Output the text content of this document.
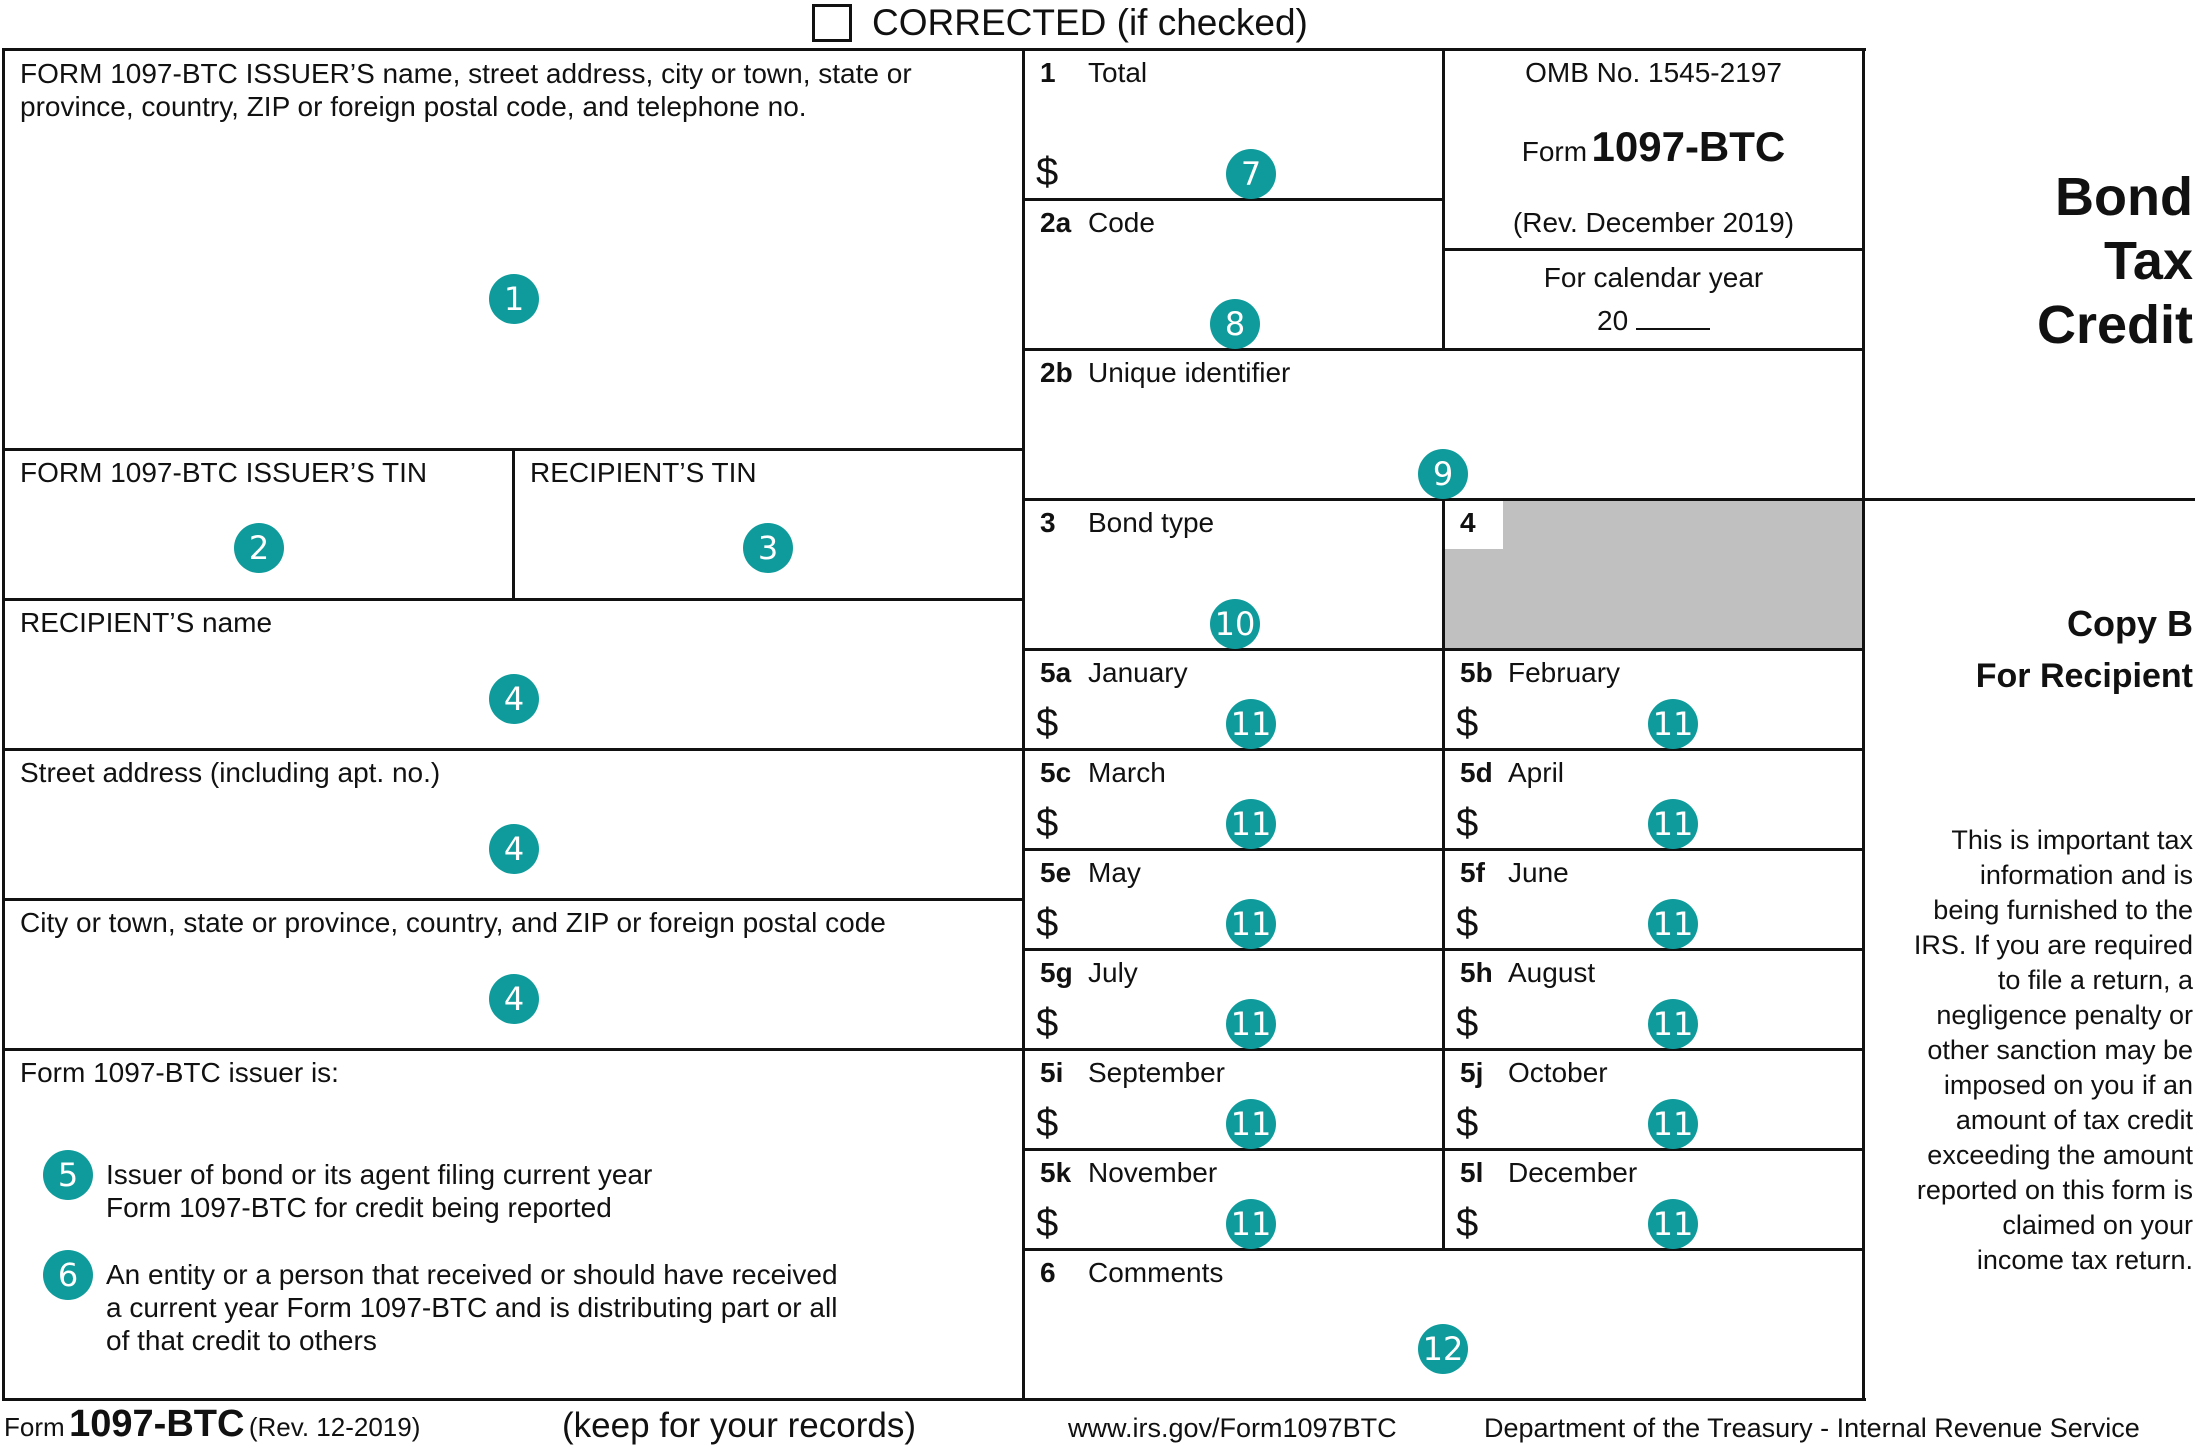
CORRECTED (if checked)
FORM 1097-BTC ISSUER’S name, street address, city or town, state or
province, country, ZIP or foreign postal code, and telephone no.
1
FORM 1097-BTC ISSUER’S TIN
2
RECIPIENT’S TIN
3
RECIPIENT’S name
4
Street address (including apt. no.)
4
City or town, state or province, country, and ZIP or foreign postal code
4
Form 1097-BTC issuer is:
5 Issuer of bond or its agent filing current year
Form 1097-BTC for credit being reported
6 An entity or a person that received or should have received
a current year Form 1097-BTC and is distributing part or all
of that credit to others
1 Total
$	7
2a Code
8
OMB No. 1545-2197
Form 1097-BTC
(Rev. December 2019)
For calendar year
20
2b Unique identifier
9
3 Bond type
10
4
5a January
$	11
5b February
$	11
5c March
$	11
5d April
$	11
5e May
$	11
5f June
$	11
5g July
$	11
5h August
$	11
5i September
$	11
5j October
$	11
5k November
$	11
5l December
$	11
6 Comments
12
Bond
Tax
Credit
Copy B
For Recipient
This is important tax
information and is
being furnished to the
IRS. If you are required
to file a return, a
negligence penalty or
other sanction may be
imposed on you if an
amount of tax credit
exceeding the amount
reported on this form is
claimed on your
income tax return.
Form 1097-BTC (Rev. 12-2019)	(keep for your records)	www.irs.gov/Form1097BTC	Department of the Treasury - Internal Revenue Service
